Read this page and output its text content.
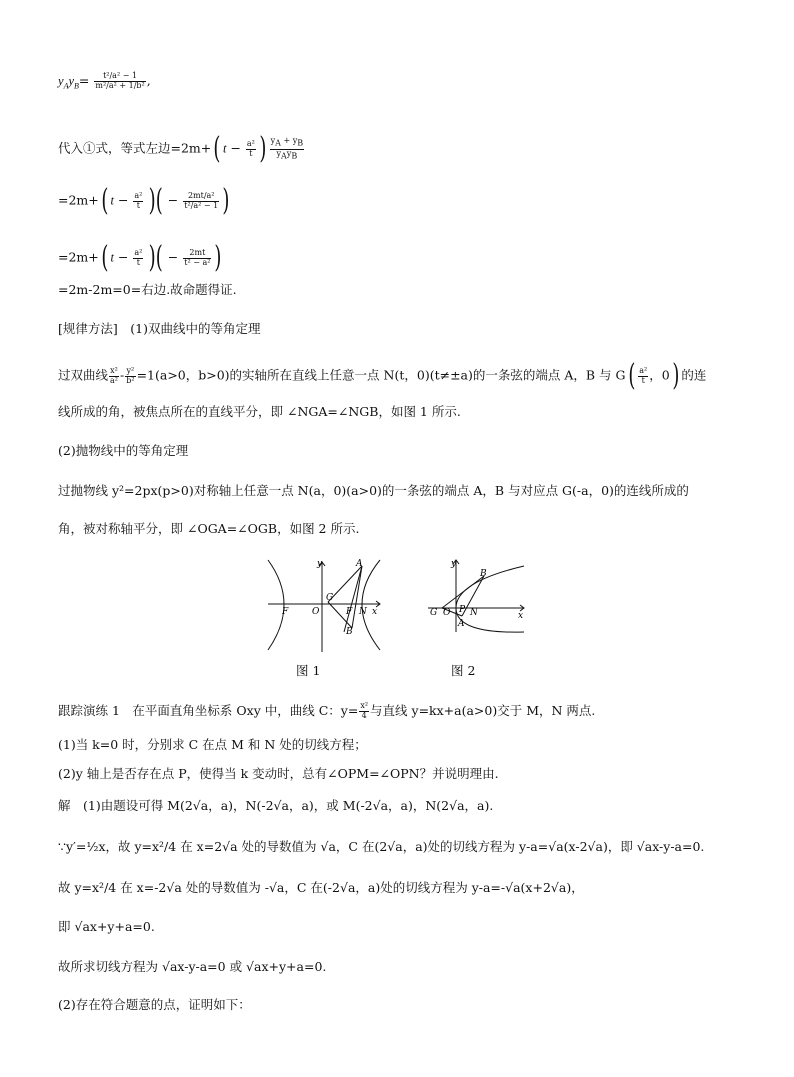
$y_Ay_B= \frac{\text{t²/a² − 1}}{\text{m²/a² + 1/b²}}$ ,
代入①式，等式左边=2m+( $t - \frac{\text{a²}}{t}$ ) $\frac{y_A + y_B}{y_Ay_B}$
=2m+( $t - \frac{\text{a²}}{t}$ )( − $\frac{\text{2mt/a²}}{\text{t²/a² − 1}}$ )
=2m+( $t - \frac{\text{a²}}{t}$ )( − $\frac{2mt}{\text{t² − a²}}$ )
=2m-2m=0=右边.故命题得证.
[规律方法]　(1)双曲线中的等角定理
过双曲线 $\frac{\text{x²}}{\text{a²}} - \frac{\text{y²}}{\text{b²}} =1(a>0$，b>0)的实轴所在直线上任意一点 N(t，0)(t≠±a)的一条弦的端点 A，B 与 $G( \frac{\text{a²}}{t}$ ，0) 的连
线所成的角，被焦点所在的直线平分，即 ∠NGA=∠NGB，如图 1 所示.
(2)抛物线中的等角定理
过抛物线 y²=2px(p>0)对称轴上任意一点 N(a，0)(a>0)的一条弦的端点 A，B 与对应点 G(-a，0)的连线所成的
角，被对称轴平分，即 ∠OGA=∠OGB，如图 2 所示.
y
x
O
G
F	F N
A
B
图 1
y
x
G O P N
B
A
图 2
跟踪演练 1　在平面直角坐标系 Oxy 中，曲线 C：$y= \frac{\text{x²}}{4}$ 与直线 y=kx+a(a>0)交于 M，N 两点.
(1)当 k=0 时，分别求 C 在点 M 和 N 处的切线方程；
(2)y 轴上是否存在点 P，使得当 k 变动时，总有∠OPM=∠OPN？并说明理由.
解　(1)由题设可得 M(2√a，a)，N(-2√a，a)，或 M(-2√a，a)，N(2√a，a).
∵y′=½x，故 y=x²/4 在 x=2√a 处的导数值为 √a，C 在(2√a，a)处的切线方程为 y-a=√a(x-2√a)，即 √ax-y-a=0.
故 y=x²/4 在 x=-2√a 处的导数值为 -√a，C 在(-2√a，a)处的切线方程为 y-a=-√a(x+2√a)，
即 √ax+y+a=0.
故所求切线方程为 √ax-y-a=0 或 √ax+y+a=0.
(2)存在符合题意的点，证明如下：
